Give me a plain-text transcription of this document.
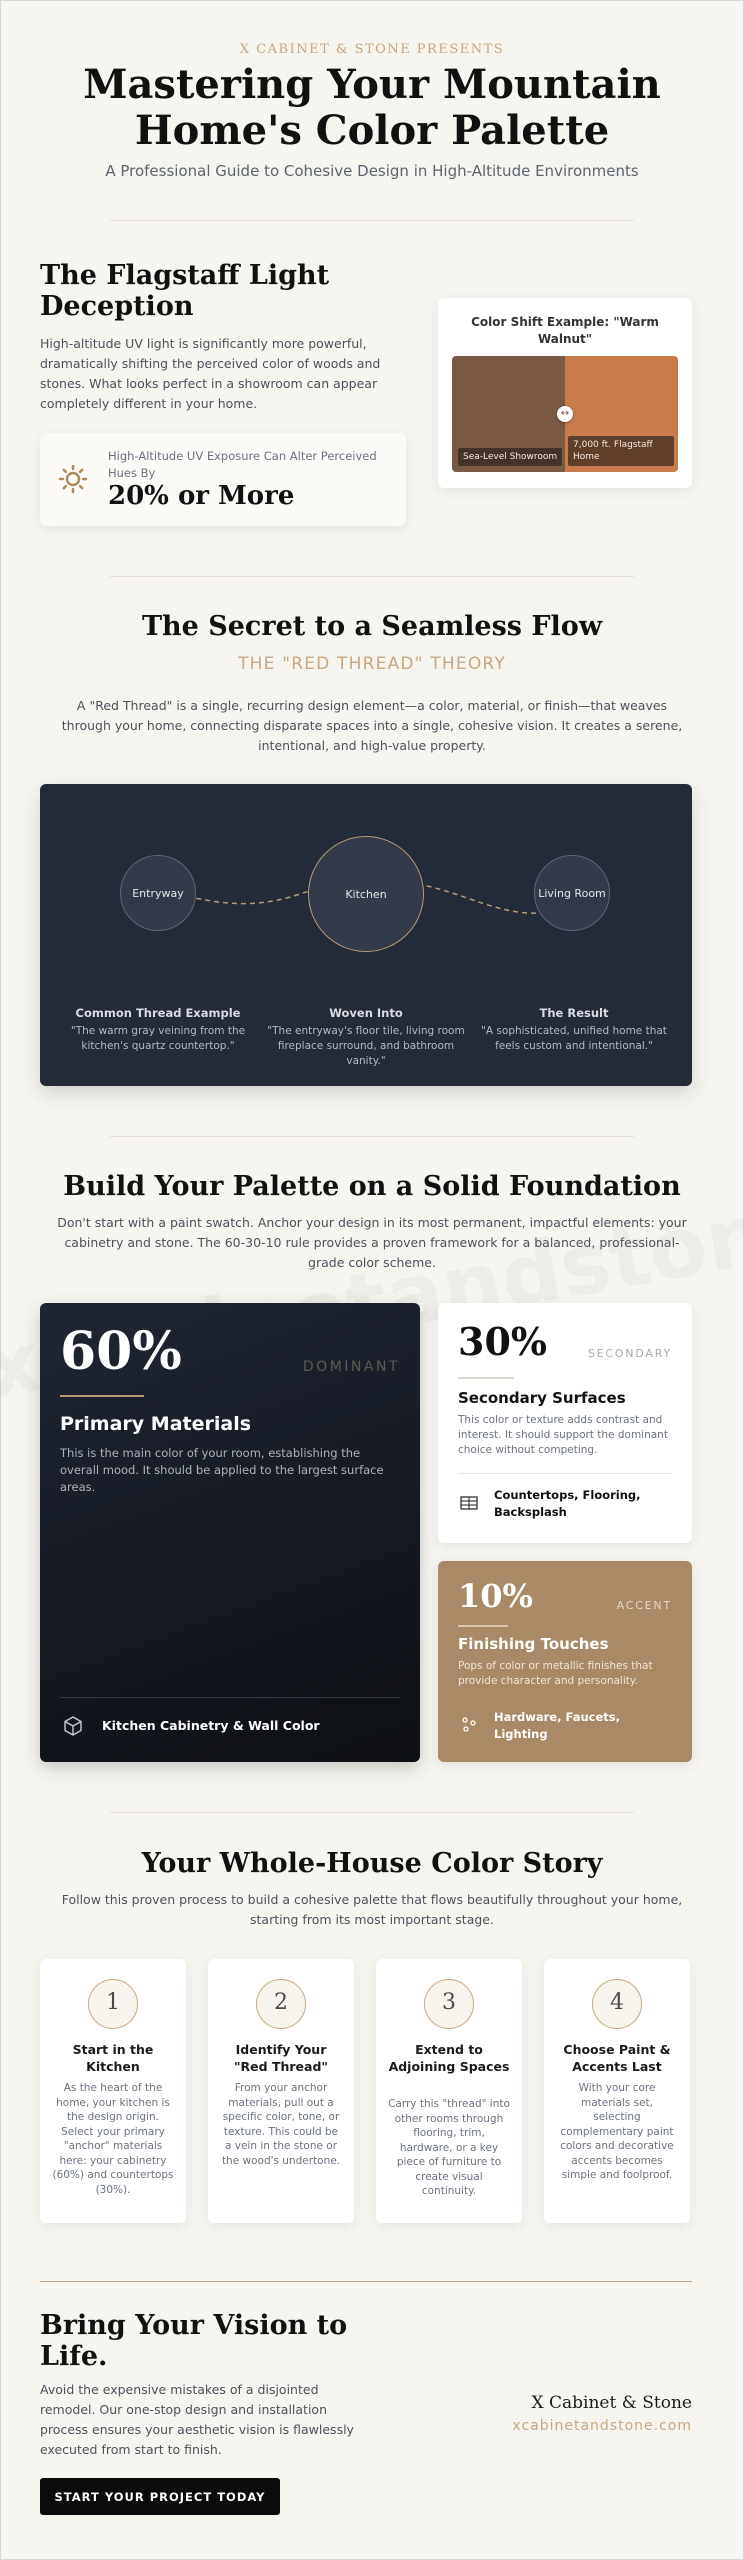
X CABINET & STONE PRESENTS
Mastering Your Mountain Home's Color Palette
A Professional Guide to Cohesive Design in High-Altitude Environments
The Flagstaff Light Deception

High-altitude UV light is significantly more powerful, dramatically shifting the perceived color of woods and stones. What looks perfect in a showroom can appear completely different in your home.

High-Altitude UV Exposure Can Alter Perceived Hues By
20% or More
Color Shift Example: "Warm Walnut"
↔
Sea-Level Showroom
7,000 ft. Flagstaff Home
The Secret to a Seamless Flow
THE "RED THREAD" THEORY

A "Red Thread" is a single, recurring design element—a color, material, or finish—that weaves through your home, connecting disparate spaces into a single, cohesive vision. It creates a serene, intentional, and high-value property.

Entryway	Kitchen	Living Room
Common Thread Example
"The warm gray veining from the kitchen's quartz countertop."
Woven Into
"The entryway's floor tile, living room fireplace surround, and bathroom vanity."
The Result
"A sophisticated, unified home that feels custom and intentional."
Build Your Palette on a Solid Foundation

Don't start with a paint swatch. Anchor your design in its most permanent, impactful elements: your cabinetry and stone. The 60-30-10 rule provides a proven framework for a balanced, professional-grade color scheme.

60%	DOMINANT
Primary Materials
This is the main color of your room, establishing the overall mood. It should be applied to the largest surface areas.
Kitchen Cabinetry & Wall Color
30%	SECONDARY
Secondary Surfaces
This color or texture adds contrast and interest. It should support the dominant choice without competing.
Countertops, Flooring, Backsplash
10%	ACCENT
Finishing Touches
Pops of color or metallic finishes that provide character and personality.
Hardware, Faucets, Lighting
Your Whole-House Color Story

Follow this proven process to build a cohesive palette that flows beautifully throughout your home, starting from its most important stage.

1
Start in the Kitchen
As the heart of the home, your kitchen is the design origin. Select your primary "anchor" materials here: your cabinetry (60%) and countertops (30%).
2
Identify Your "Red Thread"
From your anchor materials, pull out a specific color, tone, or texture. This could be a vein in the stone or the wood's undertone.
3
Extend to Adjoining Spaces
Carry this "thread" into other rooms through flooring, trim, hardware, or a key piece of furniture to create visual continuity.
4
Choose Paint & Accents Last
With your core materials set, selecting complementary paint colors and decorative accents becomes simple and foolproof.
Bring Your Vision to Life.

Avoid the expensive mistakes of a disjointed remodel. Our one-stop design and installation process ensures your aesthetic vision is flawlessly executed from start to finish.

START YOUR PROJECT TODAY
X Cabinet & Stone
xcabinetandstone.com
